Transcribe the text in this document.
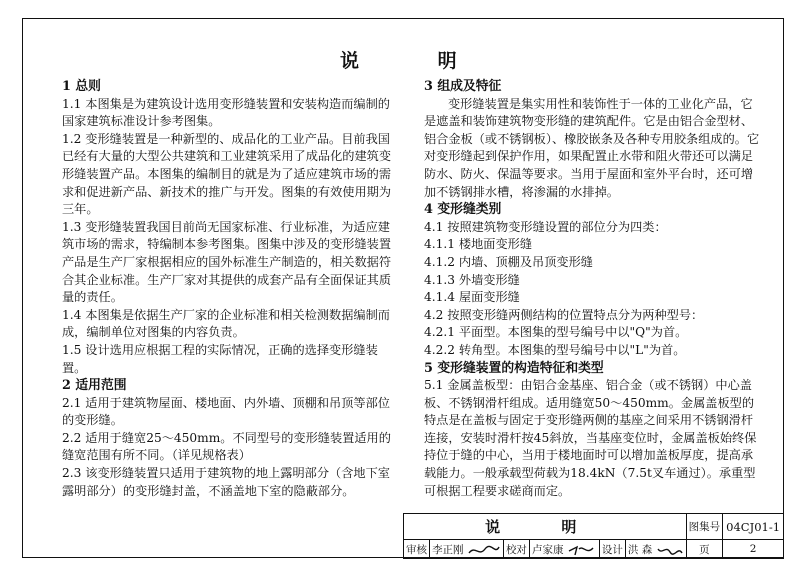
说 明
1 总则
1.1 本图集是为建筑设计选用变形缝装置和安装构造而编制的国家建筑标准设计参考图集。
1.2 变形缝装置是一种新型的、成品化的工业产品。目前我国已经有大量的大型公共建筑和工业建筑采用了成品化的建筑变形缝装置产品。本图集的编制目的就是为了适应建筑市场的需求和促进新产品、新技术的推广与开发。图集的有效使用期为三年。
1.3 变形缝装置我国目前尚无国家标准、行业标准，为适应建筑市场的需求，特编制本参考图集。图集中涉及的变形缝装置产品是生产厂家根据相应的国外标准生产制造的，相关数据符合其企业标准。生产厂家对其提供的成套产品有全面保证其质量的责任。
1.4 本图集是依据生产厂家的企业标准和相关检测数据编制而成，编制单位对图集的内容负责。
1.5 设计选用应根据工程的实际情况，正确的选择变形缝装置。
2 适用范围
2.1 适用于建筑物屋面、楼地面、内外墙、顶棚和吊顶等部位的变形缝。
2.2 适用于缝宽25～450mm。不同型号的变形缝装置适用的缝宽范围有所不同。（详见规格表）
2.3 该变形缝装置只适用于建筑物的地上露明部分（含地下室露明部分）的变形缝封盖，不涵盖地下室的隐蔽部分。
3 组成及特征
变形缝装置是集实用性和装饰性于一体的工业化产品，它是遮盖和装饰建筑物变形缝的建筑配件。它是由铝合金型材、铝合金板（或不锈钢板）、橡胶嵌条及各种专用胶条组成的。它对变形缝起到保护作用，如果配置止水带和阻火带还可以满足防水、防火、保温等要求。当用于屋面和室外平台时，还可增加不锈钢排水槽，将渗漏的水排掉。
4 变形缝类别
4.1 按照建筑物变形缝设置的部位分为四类：
4.1.1 楼地面变形缝
4.1.2 内墙、顶棚及吊顶变形缝
4.1.3 外墙变形缝
4.1.4 屋面变形缝
4.2 按照变形缝两侧结构的位置特点分为两种型号：
4.2.1 平面型。本图集的型号编号中以"Q"为首。
4.2.2 转角型。本图集的型号编号中以"L"为首。
5 变形缝装置的构造特征和类型
5.1 金属盖板型：由铝合金基座、铝合金（或不锈钢）中心盖板、不锈钢滑杆组成。适用缝宽50～450mm。金属盖板型的特点是在盖板与固定于变形缝两侧的基座之间采用不锈钢滑杆连接，安装时滑杆按45斜放，当基座变位时，金属盖板始终保持位于缝的中心，当用于楼地面时可以增加盖板厚度，提高承载能力。一般承载型荷载为18.4kN（7.5t叉车通过）。承重型可根据工程要求磋商而定。
说 明						图集号	04CJ01-1
审核	李正刚	校对	卢家康	设计	洪 森	页	2
